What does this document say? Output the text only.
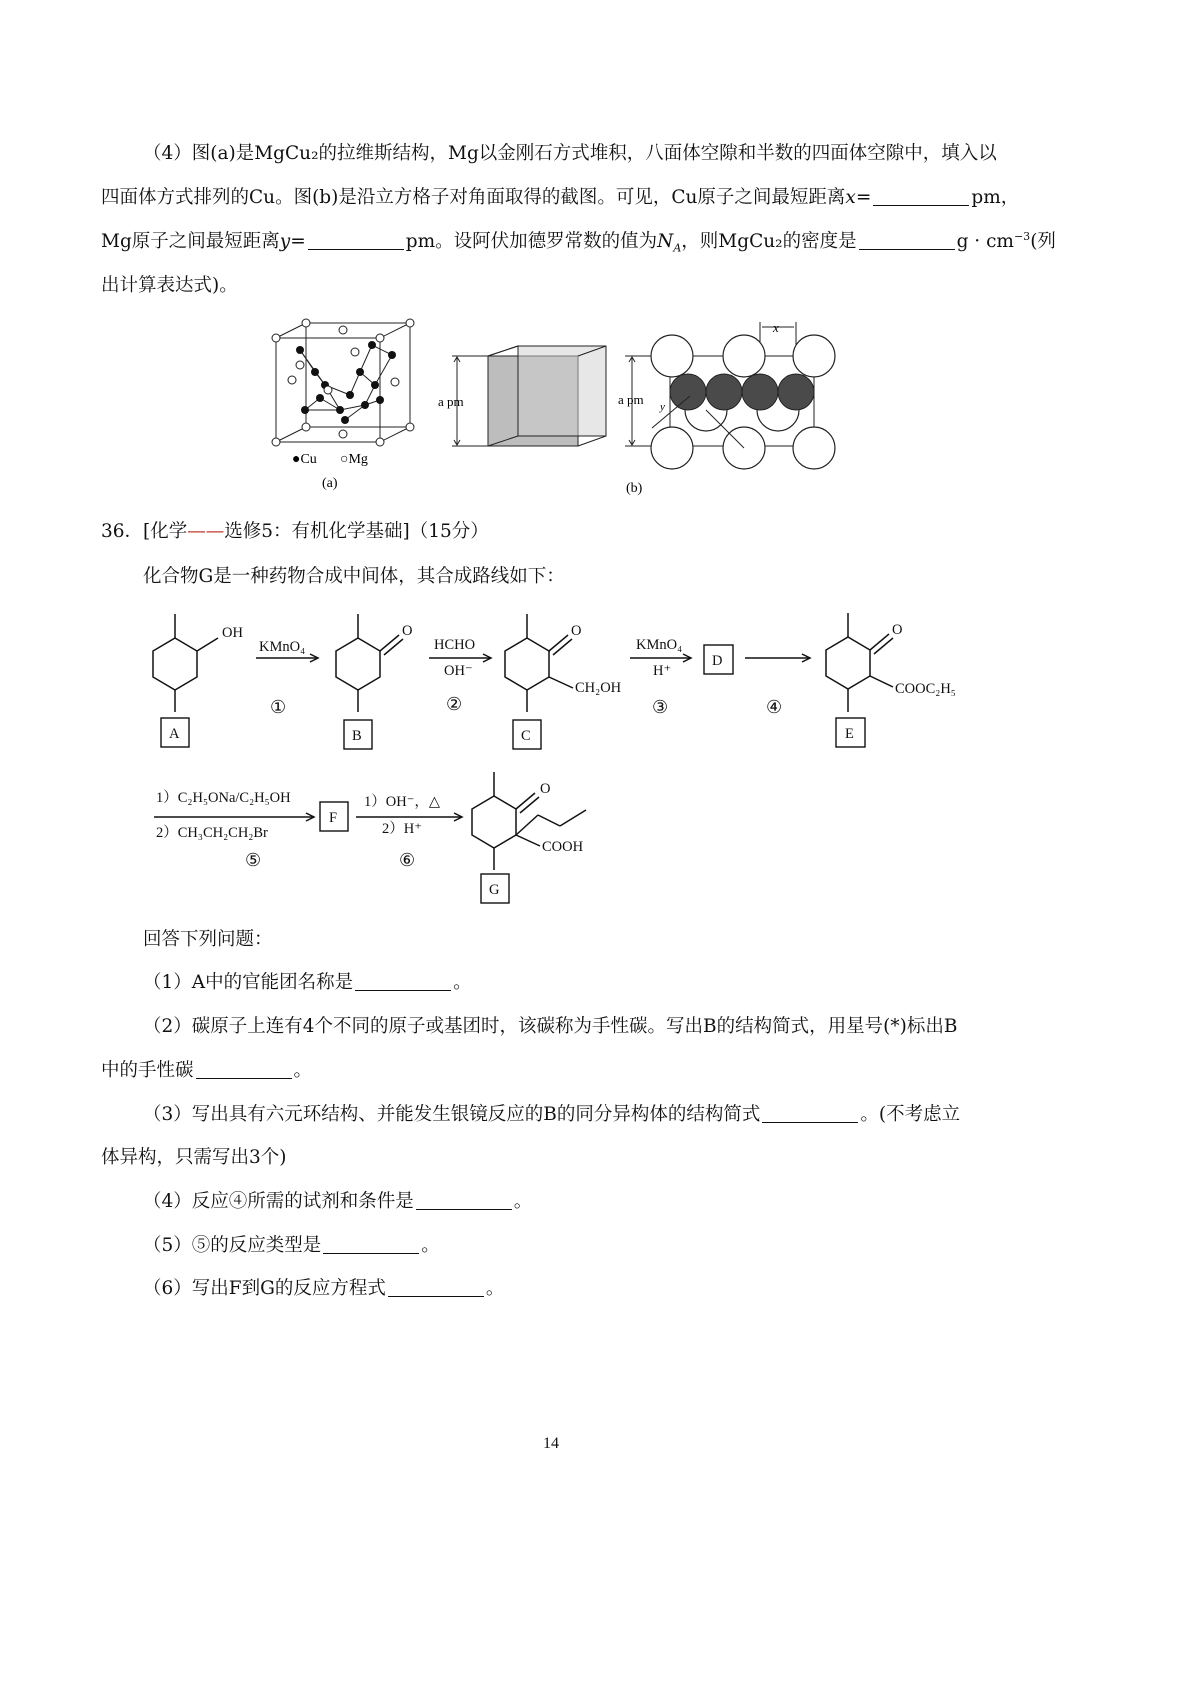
（4）图(a)是MgCu₂的拉维斯结构，Mg以金刚石方式堆积，八面体空隙和半数的四面体空隙中，填入以
四面体方式排列的Cu。图(b)是沿立方格子对角面取得的截图。可见，Cu原子之间最短距离x=	pm，
Mg原子之间最短距离y=	pm。设阿伏加德罗常数的值为$N_A$，则MgCu₂的密度是	$g \cdot cm^{-3}$(列
出计算表达式)。
●Cu ○Mg
(a)
a pm	a pm
x
y
(b)
36．[化学——选修5：有机化学基础]（15分）
化合物G是一种药物合成中间体，其合成路线如下：
OH	O	O
CH₂OH
O
COOC₂H₅
O
COOH
KMnO₄	HCHO
OH⁻
KMnO₄
H⁺
1）C₂H₅ONa/C₂H₅OH
2）CH₃CH₂CH₂Br
1）OH⁻，△
2）H⁺
①	②	③	④
⑤	⑥
A	B	C
D
E
F
G
回答下列问题：
（1）A中的官能团名称是	。
（2）碳原子上连有4个不同的原子或基团时，该碳称为手性碳。写出B的结构简式，用星号(*)标出B
中的手性碳	。
（3）写出具有六元环结构、并能发生银镜反应的B的同分异构体的结构简式	。(不考虑立
体异构，只需写出3个)
（4）反应④所需的试剂和条件是	。
（5）⑤的反应类型是	。
（6）写出F到G的反应方程式	。
14
